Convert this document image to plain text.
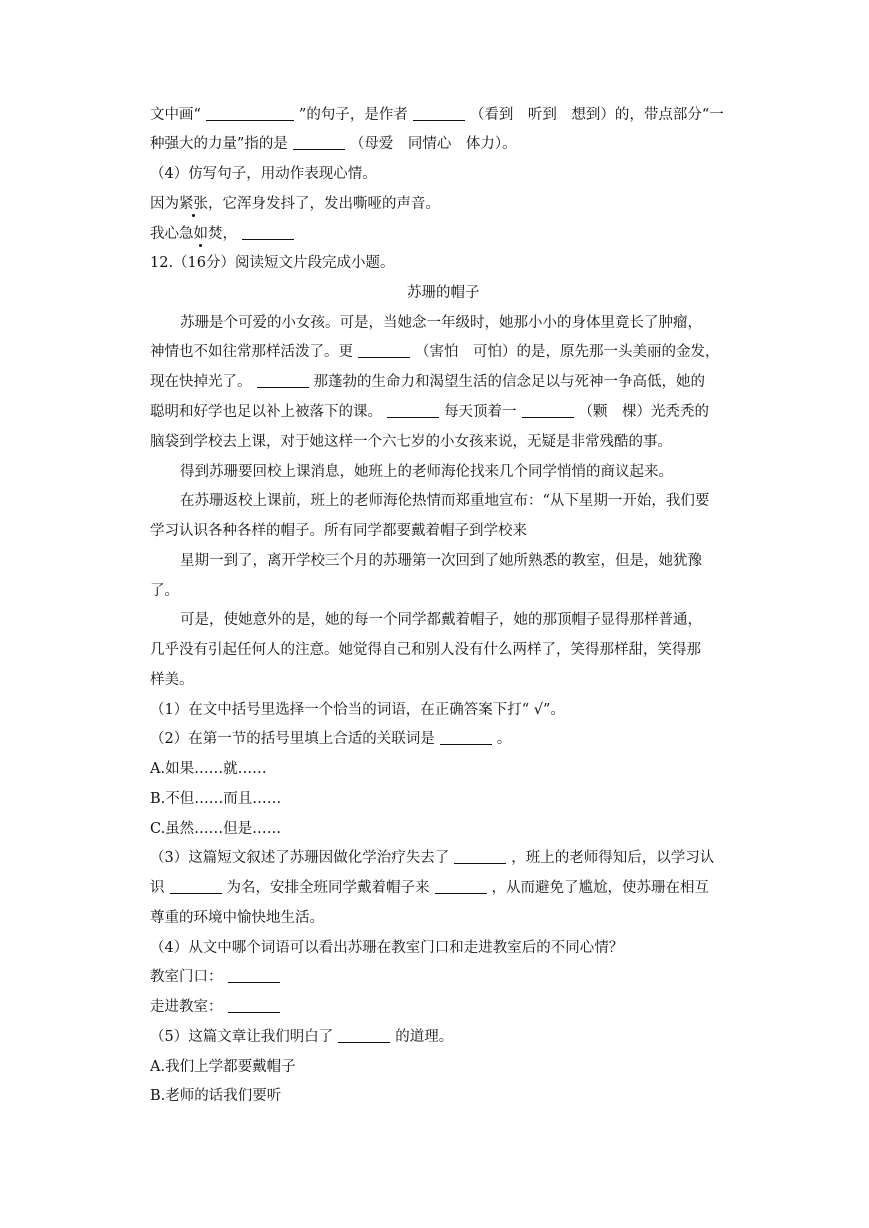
文中画“	”的句子，是作者	（看到　听到　想到）的，带点部分“一
种强大的力量”指的是	（母爱　同情心　体力）。
（4）仿写句子，用动作表现心情。
因为紧张，它浑身发抖了，发出嘶哑的声音。
我心急如焚，
12.（16分）阅读短文片段完成小题。
苏珊的帽子
苏珊是个可爱的小女孩。可是，当她念一年级时，她那小小的身体里竟长了肿瘤，
神情也不如往常那样活泼了。更	（害怕　可怕）的是，原先那一头美丽的金发，
现在快掉光了。	那蓬勃的生命力和渴望生活的信念足以与死神一争高低，她的
聪明和好学也足以补上被落下的课。	每天顶着一	（颗　棵）光秃秃的
脑袋到学校去上课，对于她这样一个六七岁的小女孩来说，无疑是非常残酷的事。
得到苏珊要回校上课消息，她班上的老师海伦找来几个同学悄悄的商议起来。
在苏珊返校上课前，班上的老师海伦热情而郑重地宣布：“从下星期一开始，我们要
学习认识各种各样的帽子。所有同学都要戴着帽子到学校来
星期一到了，离开学校三个月的苏珊第一次回到了她所熟悉的教室，但是，她犹豫
了。
可是，使她意外的是，她的每一个同学都戴着帽子，她的那顶帽子显得那样普通，
几乎没有引起任何人的注意。她觉得自己和别人没有什么两样了，笑得那样甜，笑得那
样美。
（1）在文中括号里选择一个恰当的词语，在正确答案下打“ √”。
（2）在第一节的括号里填上合适的关联词是	。
A.如果……就……
B.不但……而且……
C.虽然……但是……
（3）这篇短文叙述了苏珊因做化学治疗失去了	，班上的老师得知后，以学习认
识	为名，安排全班同学戴着帽子来	，从而避免了尴尬，使苏珊在相互
尊重的环境中愉快地生活。
（4）从文中哪个词语可以看出苏珊在教室门口和走进教室后的不同心情？
教室门口：
走进教室：
（5）这篇文章让我们明白了	的道理。
A.我们上学都要戴帽子
B.老师的话我们要听
